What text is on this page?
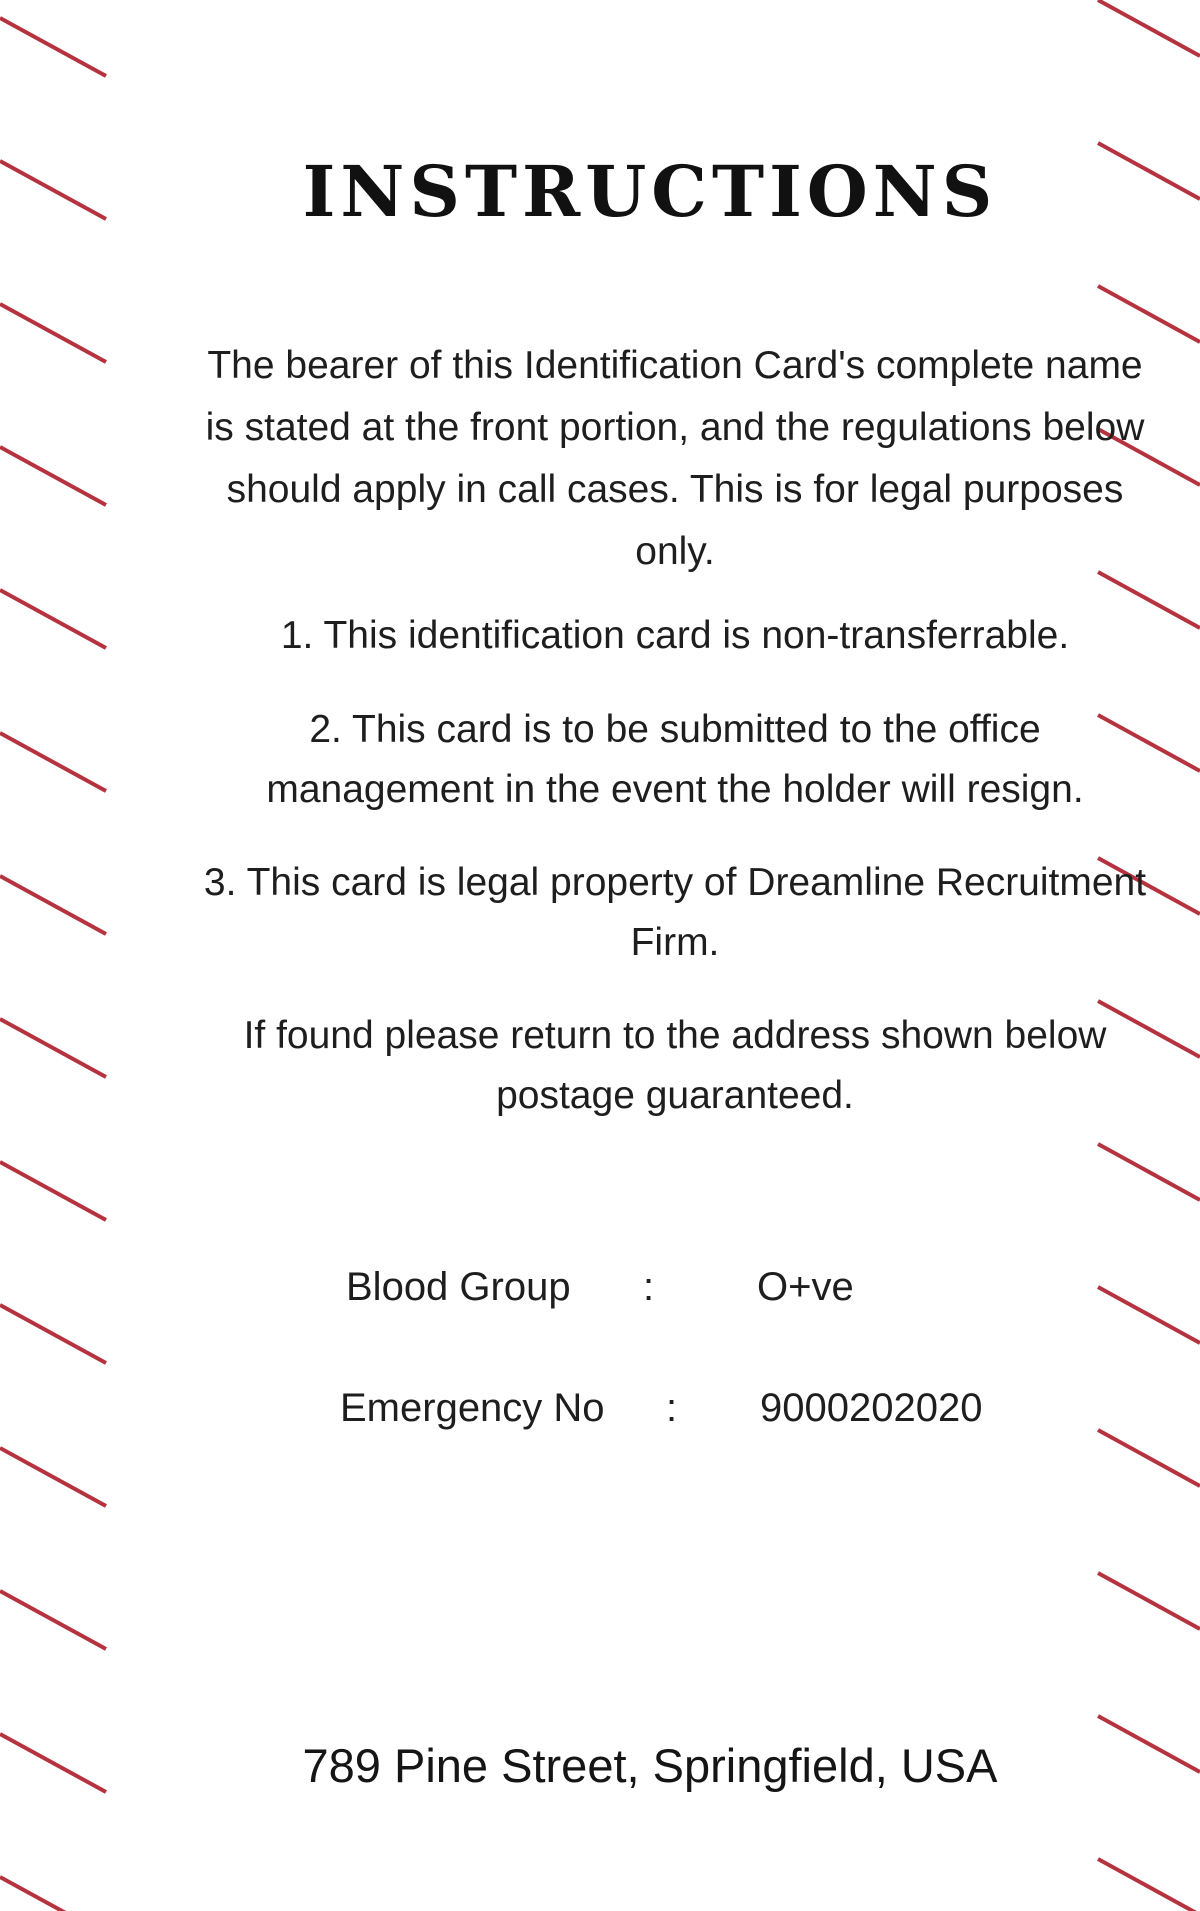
INSTRUCTIONS
The bearer of this Identification Card's complete name is stated at the front portion, and the regulations below should apply in call cases. This is for legal purposes only.
1. This identification card is non-transferrable.
2. This card is to be submitted to the office management in the event the holder will resign.
3. This card is legal property of Dreamline Recruitment Firm.
If found please return to the address shown below postage guaranteed.
Blood Group :	O+ve
Emergency No : 9000202020
789 Pine Street, Springfield, USA
